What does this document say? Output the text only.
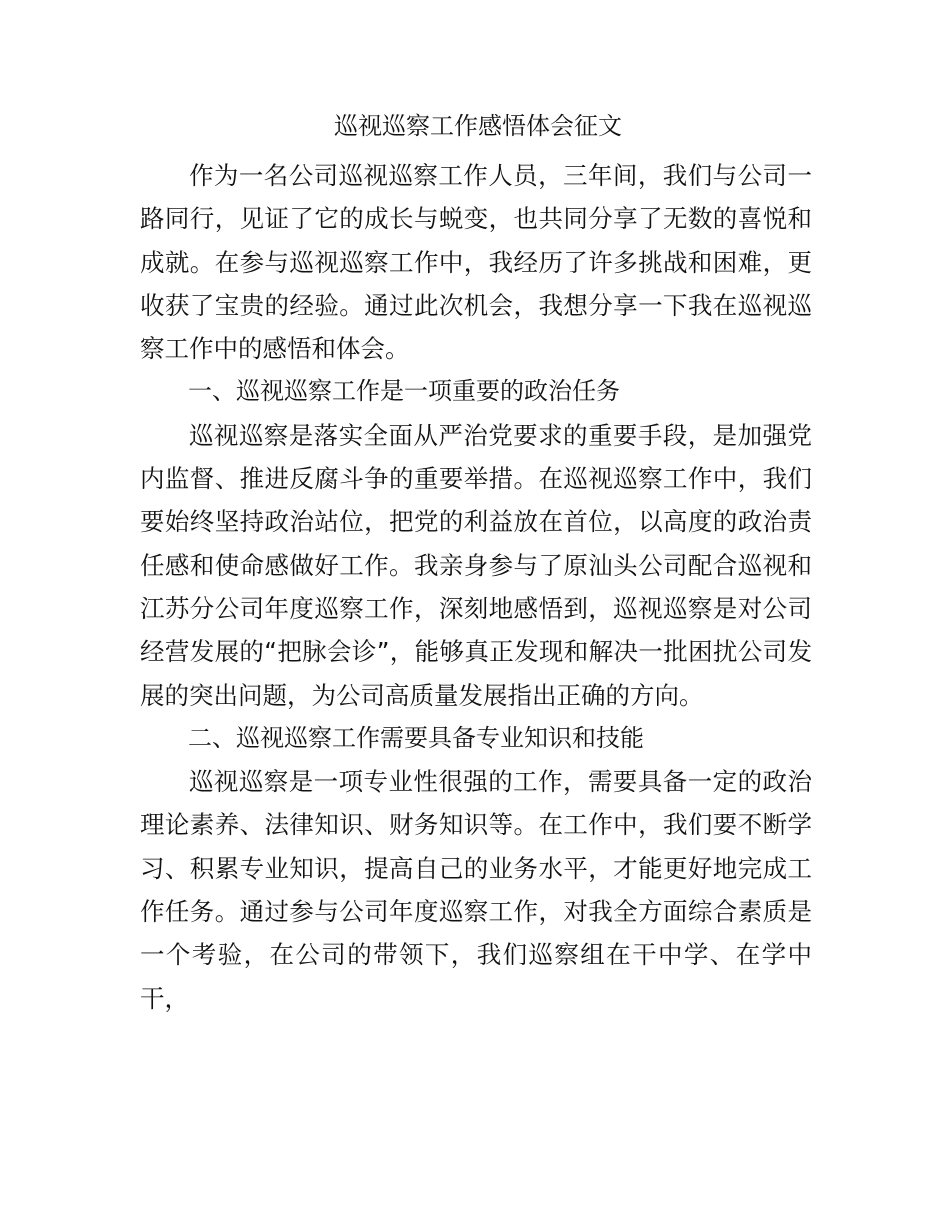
巡视巡察工作感悟体会征文

作为一名公司巡视巡察工作人员，三年间，我们与公司一路同行，见证了它的成长与蜕变，也共同分享了无数的喜悦和成就。在参与巡视巡察工作中，我经历了许多挑战和困难，更收获了宝贵的经验。通过此次机会，我想分享一下我在巡视巡察工作中的感悟和体会。

一、巡视巡察工作是一项重要的政治任务

巡视巡察是落实全面从严治党要求的重要手段，是加强党内监督、推进反腐斗争的重要举措。在巡视巡察工作中，我们要始终坚持政治站位，把党的利益放在首位，以高度的政治责任感和使命感做好工作。我亲身参与了原汕头公司配合巡视和江苏分公司年度巡察工作，深刻地感悟到，巡视巡察是对公司经营发展的“把脉会诊”，能够真正发现和解决一批困扰公司发展的突出问题，为公司高质量发展指出正确的方向。

二、巡视巡察工作需要具备专业知识和技能

巡视巡察是一项专业性很强的工作，需要具备一定的政治理论素养、法律知识、财务知识等。在工作中，我们要不断学习、积累专业知识，提高自己的业务水平，才能更好地完成工作任务。通过参与公司年度巡察工作，对我全方面综合素质是一个考验，在公司的带领下，我们巡察组在干中学、在学中干，
